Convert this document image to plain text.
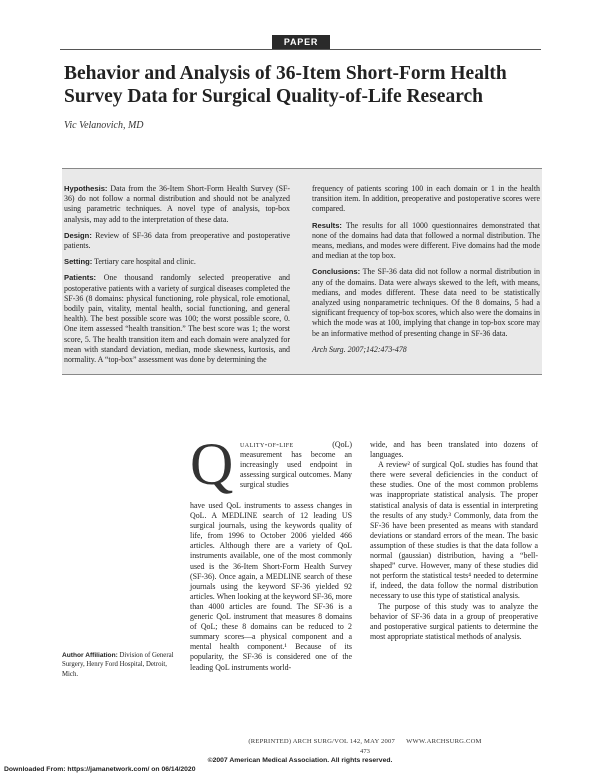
PAPER
Behavior and Analysis of 36-Item Short-Form Health Survey Data for Surgical Quality-of-Life Research
Vic Velanovich, MD

Hypothesis: Data from the 36-Item Short-Form Health Survey (SF-36) do not follow a normal distribution and should not be analyzed using parametric techniques. A novel type of analysis, top-box analysis, may add to the interpretation of these data.

Design: Review of SF-36 data from preoperative and postoperative patients.

Setting: Tertiary care hospital and clinic.

Patients: One thousand randomly selected preoperative and postoperative patients with a variety of surgical diseases completed the SF-36 (8 domains: physical functioning, role physical, role emotional, bodily pain, vitality, mental health, social functioning, and general health). The best possible score was 100; the worst possible score, 0. One item assessed “health transition.” The best score was 1; the worst score, 5. The health transition item and each domain were analyzed for mean with standard deviation, median, mode skewness, kurtosis, and normality. A “top-box” assessment was done by determining the

frequency of patients scoring 100 in each domain or 1 in the health transition item. In addition, preoperative and postoperative scores were compared.

Results: The results for all 1000 questionnaires demonstrated that none of the domains had data that followed a normal distribution. The means, medians, and modes were different. Five domains had the mode and median at the top box.

Conclusions: The SF-36 data did not follow a normal distribution in any of the domains. Data were always skewed to the left, with means, medians, and modes different. These data need to be statistically analyzed using nonparametric techniques. Of the 8 domains, 5 had a significant frequency of top-box scores, which also were the domains in which the mode was at 100, implying that change in top-box score may be an informative method of presenting change in SF-36 data.

Arch Surg. 2007;142:473-478

Q uality-of-life (QoL) measurement has become an increasingly used endpoint in assessing surgical outcomes. Many surgical studies

have used QoL instruments to assess changes in QoL. A MEDLINE search of 12 leading US surgical journals, using the keywords quality of life, from 1996 to October 2006 yielded 466 articles. Although there are a variety of QoL instruments available, one of the most commonly used is the 36-Item Short-Form Health Survey (SF-36). Once again, a MEDLINE search of these journals using the keyword SF-36 yielded 92 articles. When looking at the keyword SF-36, more than 4000 articles are found. The SF-36 is a generic QoL instrument that measures 8 domains of QoL; these 8 domains can be reduced to 2 summary scores—a physical component and a mental health component.¹ Because of its popularity, the SF-36 is considered one of the leading QoL instruments world-

wide, and has been translated into dozens of languages.

A review² of surgical QoL studies has found that there were several deficiencies in the conduct of these studies. One of the most common problems was inappropriate statistical analysis. The proper statistical analysis of data is essential in interpreting the results of any study.³ Commonly, data from the SF-36 have been presented as means with standard deviations or standard errors of the mean. The basic assumption of these studies is that the data follow a normal (gaussian) distribution, having a “bell-shaped” curve. However, many of these studies did not perform the statistical tests⁴ needed to determine if, indeed, the data follow the normal distribution necessary to use this type of statistical analysis.

The purpose of this study was to analyze the behavior of SF-36 data in a group of preoperative and postoperative surgical patients to determine the most appropriate statistical methods of analysis.

Author Affiliation: Division of General Surgery, Henry Ford Hospital, Detroit, Mich.
(REPRINTED) ARCH SURG/VOL 142, MAY 2007 WWW.ARCHSURG.COM
473
©2007 American Medical Association. All rights reserved.
Downloaded From: https://jamanetwork.com/ on 06/14/2020
